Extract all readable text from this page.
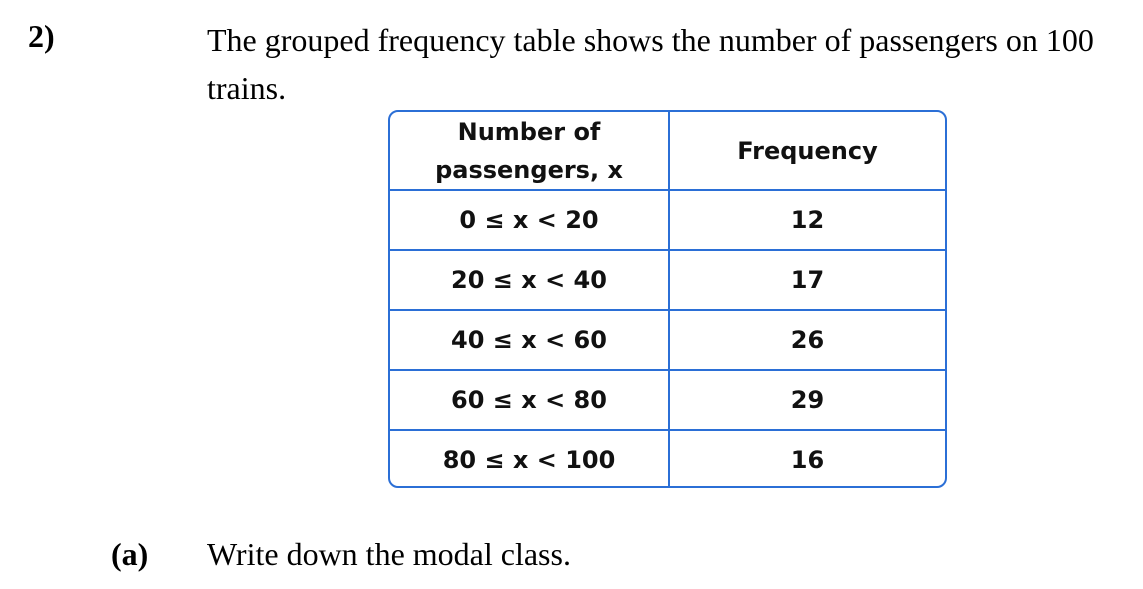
2)	The grouped frequency table shows the number of passengers on 100 trains.
Number of
passengers, x	Frequency
0 ≤ x < 20	12
20 ≤ x < 40	17
40 ≤ x < 60	26
60 ≤ x < 80	29
80 ≤ x < 100	16
(a) Write down the modal class.
